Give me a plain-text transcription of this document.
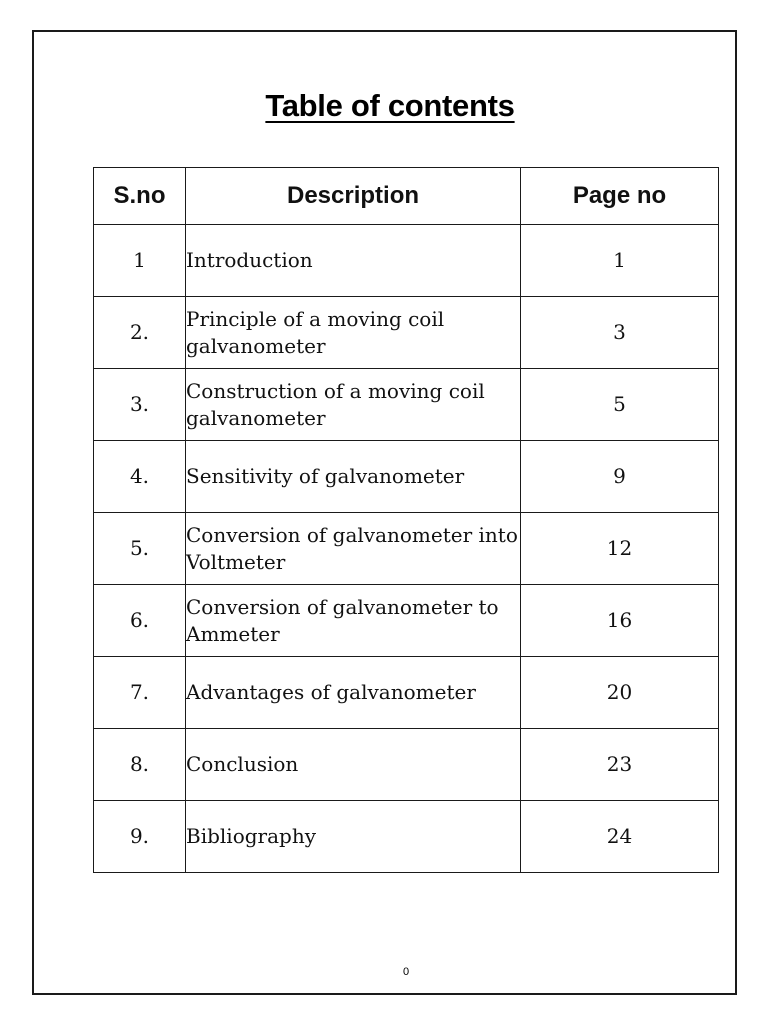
Table of contents
S.no	Description	Page no
1	Introduction	1
2.	Principle of a moving coil galvanometer	3
3.	Construction of a moving coil galvanometer	5
4.	Sensitivity of galvanometer	9
5.	Conversion of galvanometer into Voltmeter	12
6.	Conversion of galvanometer to Ammeter	16
7.	Advantages of galvanometer	20
8.	Conclusion	23
9.	Bibliography	24
0
